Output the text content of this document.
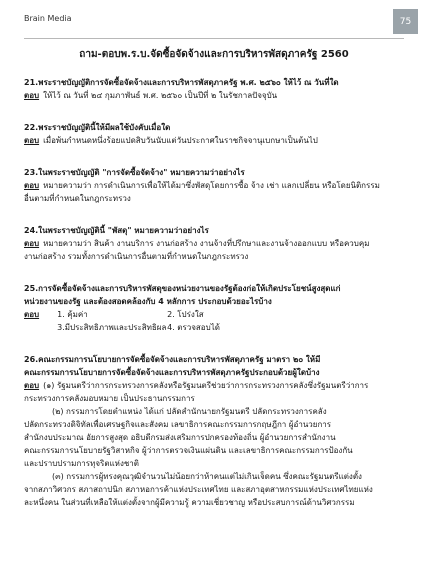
Brain Media	75
ถาม-ตอบพ.ร.บ.จัดซื้อจัดจ้างและการบริหารพัสดุภาครัฐ 2560

21.พระราชบัญญัติการจัดซื้อจัดจ้างและการบริหารพัสดุภาครัฐ พ.ศ. ๒๕๖๐ ให้ไว้ ณ วันที่ใด

ตอบ ให้ไว้ ณ วันที่ ๒๔ กุมภาพันธ์ พ.ศ. ๒๕๖๐ เป็นปีที่ ๒ ในรัชกาลปัจจุบัน

22.พระราชบัญญัตินี้ให้มีผลใช้บังคับเมื่อใด

ตอบ เมื่อพ้นกำหนดหนึ่งร้อยแปดสิบวันนับแต่วันประกาศในราชกิจจานุเบกษาเป็นต้นไป

23.ในพระราชบัญญัติ "การจัดซื้อจัดจ้าง" หมายความว่าอย่างไร

ตอบ หมายความว่า การดำเนินการเพื่อให้ได้มาซึ่งพัสดุโดยการซื้อ จ้าง เช่า แลกเปลี่ยน หรือโดยนิติกรรม

อื่นตามที่กำหนดในกฎกระทรวง

24.ในพระราชบัญญัตินี้ "พัสดุ" หมายความว่าอย่างไร

ตอบ หมายความว่า สินค้า งานบริการ งานก่อสร้าง งานจ้างที่ปรึกษาและงานจ้างออกแบบ หรือควบคุม

งานก่อสร้าง รวมทั้งการดำเนินการอื่นตามที่กำหนดในกฎกระทรวง

25.การจัดซื้อจัดจ้างและการบริหารพัสดุของหน่วยงานของรัฐต้องก่อให้เกิดประโยชน์สูงสุดแก่

หน่วยงานของรัฐ และต้องสอดคล้องกับ 4 หลักการ ประกอบด้วยอะไรบ้าง

ตอบ 1. คุ้มค่า	2. โปร่งใส
3.มีประสิทธิภาพและประสิทธิผล 4. ตรวจสอบได้

26.คณะกรรมการนโยบายการจัดซื้อจัดจ้างและการบริหารพัสดุภาครัฐ มาตรา ๒๐ ให้มี

คณะกรรมการนโยบายการจัดซื้อจัดจ้างและการบริหารพัสดุภาครัฐประกอบด้วยผู้ใดบ้าง

ตอบ (๑) รัฐมนตรีว่าการกระทรวงการคลังหรือรัฐมนตรีช่วยว่าการกระทรวงการคลังซึ่งรัฐมนตรีว่าการ

กระทรวงการคลังมอบหมาย เป็นประธานกรรมการ

(๒) กรรมการโดยตำแหน่ง ได้แก่ ปลัดสำนักนายกรัฐมนตรี ปลัดกระทรวงการคลัง

ปลัดกระทรวงดิจิทัลเพื่อเศรษฐกิจและสังคม เลขาธิการคณะกรรมการกฤษฎีกา ผู้อำนวยการ

สำนักงบประมาณ อัยการสูงสุด อธิบดีกรมส่งเสริมการปกครองท้องถิ่น ผู้อำนวยการสำนักงาน

คณะกรรมการนโยบายรัฐวิสาหกิจ ผู้ว่าการตรวจเงินแผ่นดิน และเลขาธิการคณะกรรมการป้องกัน

และปราบปรามการทุจริตแห่งชาติ

(๓) กรรมการผู้ทรงคุณวุฒิจำนวนไม่น้อยกว่าห้าคนแต่ไม่เกินเจ็ดคน ซึ่งคณะรัฐมนตรีแต่งตั้ง

จากสภาวิศวกร สภาสถาปนิก สภาหอการค้าแห่งประเทศไทย และสภาอุตสาหกรรมแห่งประเทศไทยแห่ง

ละหนึ่งคน ในส่วนที่เหลือให้แต่งตั้งจากผู้มีความรู้ ความเชี่ยวชาญ หรือประสบการณ์ด้านวิศวกรรม
